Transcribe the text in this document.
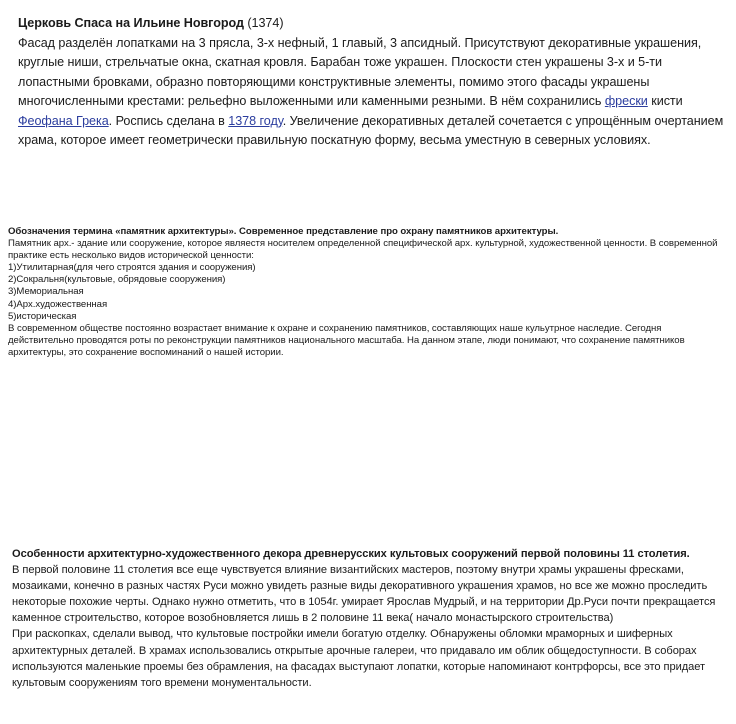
Церковь Спаса на Ильине Новгород (1374)

Фасад разделён лопатками на 3 прясла, 3-х нефный, 1 главый, 3 апсидный. Присутствуют декоративные украшения, круглые ниши, стрельчатые окна, скатная кровля. Барабан тоже украшен. Плоскости стен украшены 3-х и 5-ти лопастными бровками, образно повторяющими конструктивные элементы, помимо этого фасады украшены многочисленными крестами: рельефно выложенными или каменными резными. В нём сохранились фрески кисти Феофана Грека. Роспись сделана в 1378 году. Увеличение декоративных деталей сочетается с упрощённым очертанием храма, которое имеет геометрически правильную поскатную форму, весьма уместную в северных условиях.

Обозначения термина «памятник архитектуры». Современное представление про охрану памятников архитектуры.

Памятник арх.- здание или сооружение, которое являестя носителем определенной специфической арх. культурной, художественной ценности. В современной практике есть несколько видов исторической ценности:

1)Утилитарная(для чего строятся здания и сооружения)

2)Сокральня(культовые, обрядовые сооружения)

3)Мемориальная

4)Арх.художественная

5)историческая

В современном обществе постоянно возрастает внимание к охране и сохранению памятников, составляющих наше кульутрное наследие. Сегодня действительно проводятся роты по реконструкции памятников национального масштаба. На данном этапе, люди понимают, что сохранение памятников архитектуры, это сохранение воспоминаний о нашей истории.

Особенности архитектурно-художественного декора древнерусских культовых сооружений первой половины 11 столетия.

В первой половине 11 столетия все еще чувствуется влияние византийских мастеров, поэтому внутри храмы украшены фресками, мозаиками, конечно в разных частях Руси можно увидеть разные виды декоративного украшения храмов, но все же можно проследить некоторые похожие черты. Однако нужно отметить, что в 1054г. умирает Ярослав Мудрый, и на территории Др.Руси почти прекращается каменное строительство, которое возобновляется лишь в 2 половине 11 века( начало монастырского строительства)

При раскопках, сделали вывод, что культовые постройки имели богатую отделку. Обнаружены обломки мраморных и шиферных архитектурных деталей. В храмах использовались открытые арочные галереи, что придавало им облик общедоступности. В соборах используются маленькие проемы без обрамления, на фасадах выступают лопатки, которые напоминают контрфорсы, все это придает культовым сооружениям того времени монументальности.
